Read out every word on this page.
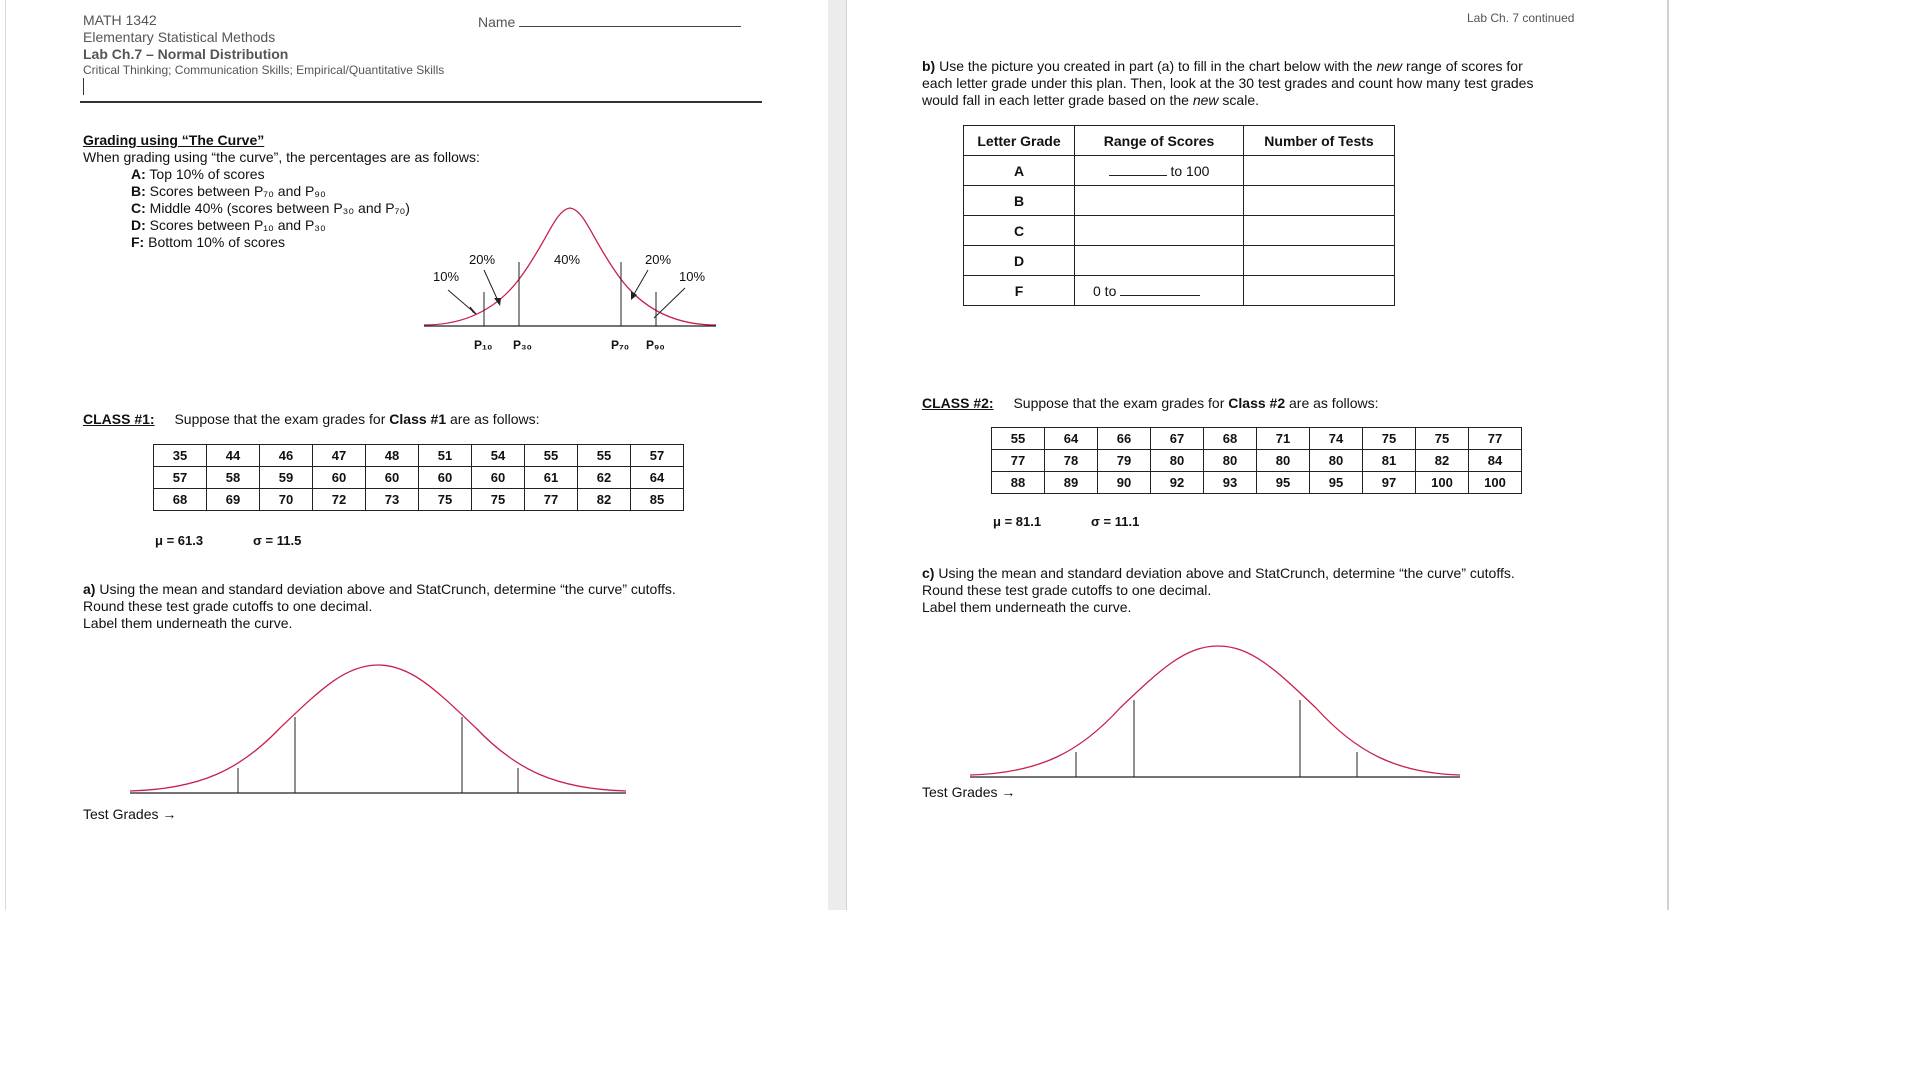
MATH 1342
Elementary Statistical Methods
Lab Ch.7 – Normal Distribution
Critical Thinking; Communication Skills; Empirical/Quantitative Skills
Name
Grading using “The Curve”
When grading using “the curve”, the percentages are as follows:
A: Top 10% of scores
B: Scores between P₇₀ and P₉₀
C: Middle 40% (scores between P₃₀ and P₇₀)
D: Scores between P₁₀ and P₃₀
F: Bottom 10% of scores
10%
20%	40%	20%
10%
P₁₀ P₃₀	P₇₀ P₉₀
CLASS #1: Suppose that the exam grades for Class #1 are as follows:
35	44	46	47	48	51	54	55	55	57
57	58	59	60	60	60	60	61	62	64
68	69	70	72	73	75	75	77	82	85
μ = 61.3	σ = 11.5
a) Using the mean and standard deviation above and StatCrunch, determine “the curve” cutoffs.
Round these test grade cutoffs to one decimal.
Label them underneath the curve.
Test Grades →
Lab Ch. 7 continued
b) Use the picture you created in part (a) to fill in the chart below with the new range of scores for
each letter grade under this plan. Then, look at the 30 test grades and count how many test grades
would fall in each letter grade based on the new scale.
Letter Grade	Range of Scores	Number of Tests
A	to 100	
B		
C		
D		
F	0 to	
CLASS #2: Suppose that the exam grades for Class #2 are as follows:
55	64	66	67	68	71	74	75	75	77
77	78	79	80	80	80	80	81	82	84
88	89	90	92	93	95	95	97	100	100
μ = 81.1	σ = 11.1
c) Using the mean and standard deviation above and StatCrunch, determine “the curve” cutoffs.
Round these test grade cutoffs to one decimal.
Label them underneath the curve.
Test Grades →
